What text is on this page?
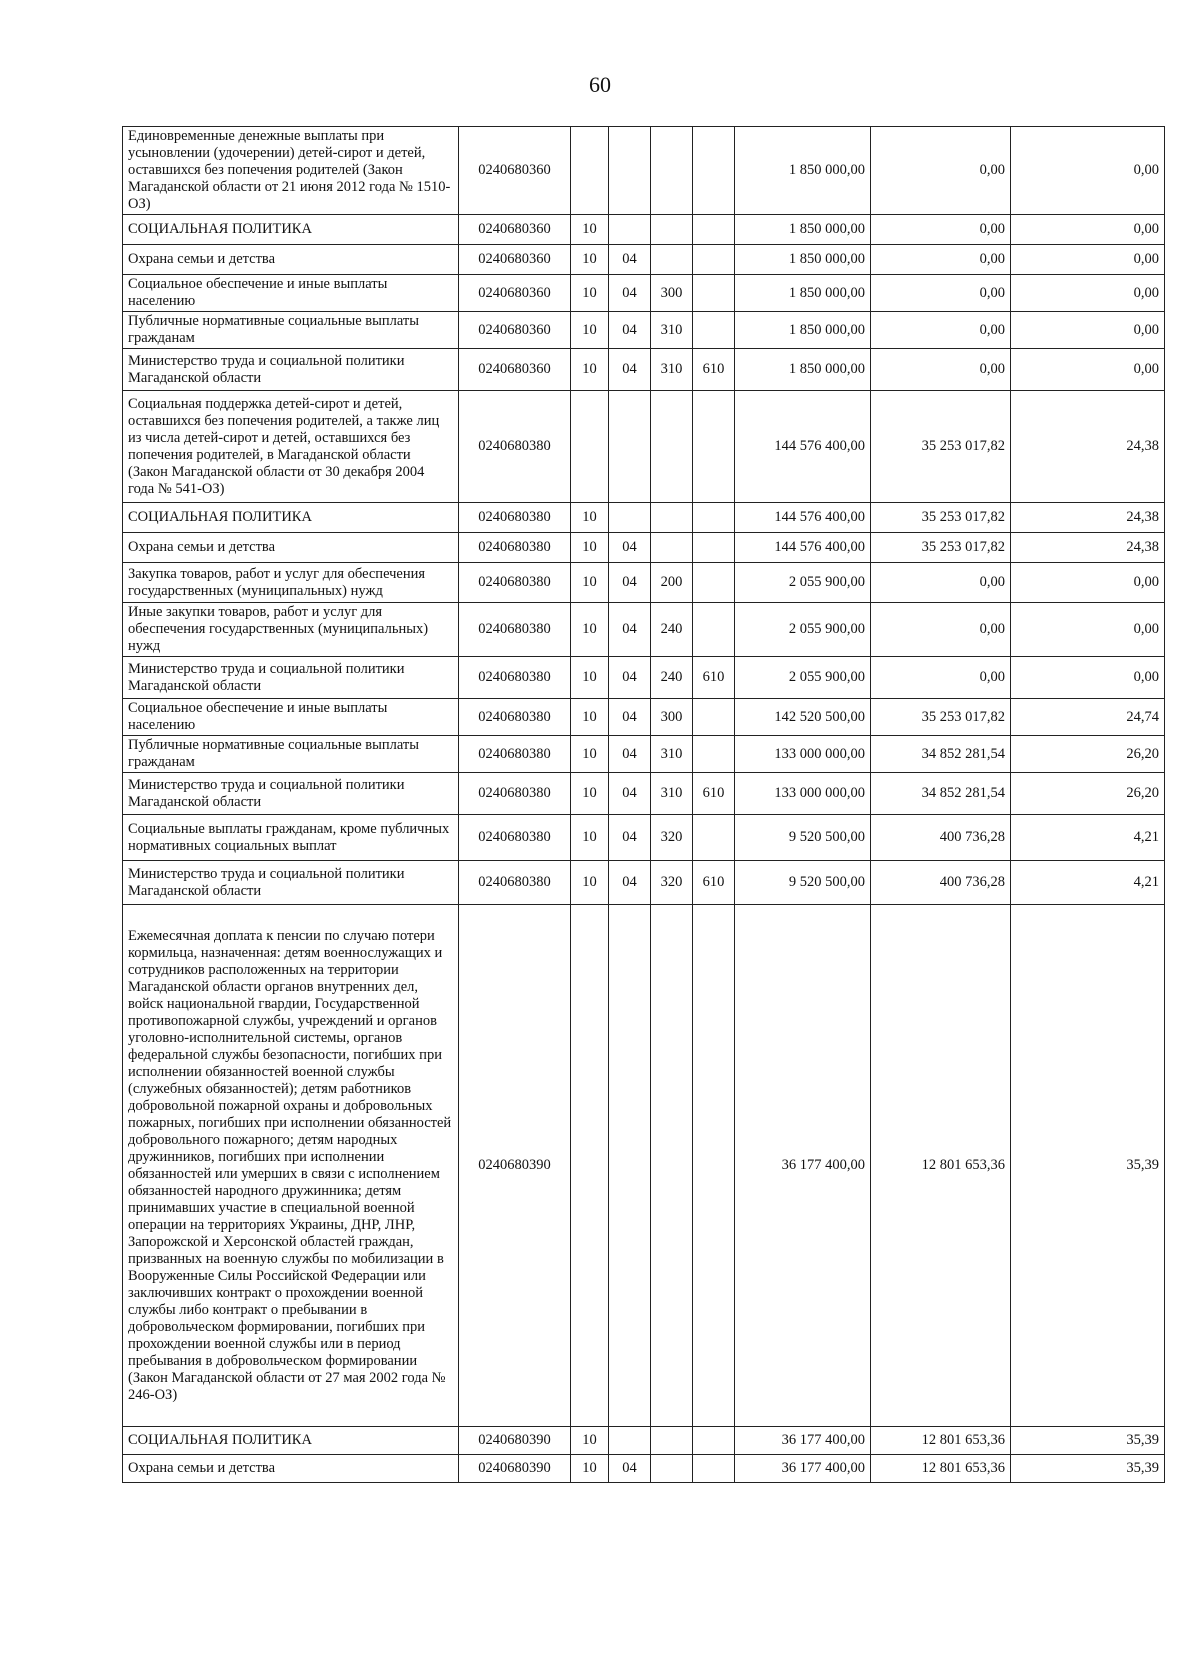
60
Единовременные денежные выплаты при усыновлении (удочерении) детей-сирот и детей, оставшихся без попечения родителей (Закон Магаданской области от 21 июня 2012 года № 1510-ОЗ)	0240680360					1 850 000,00	0,00	0,00
СОЦИАЛЬНАЯ ПОЛИТИКА	0240680360	10				1 850 000,00	0,00	0,00
Охрана семьи и детства	0240680360	10	04			1 850 000,00	0,00	0,00
Социальное обеспечение и иные выплаты населению	0240680360	10	04	300		1 850 000,00	0,00	0,00
Публичные нормативные социальные выплаты гражданам	0240680360	10	04	310		1 850 000,00	0,00	0,00
Министерство труда и социальной политики Магаданской области	0240680360	10	04	310	610	1 850 000,00	0,00	0,00
Социальная поддержка детей-сирот и детей, оставшихся без попечения родителей, а также лиц из числа детей-сирот и детей, оставшихся без попечения родителей, в Магаданской области (Закон Магаданской области от 30 декабря 2004 года № 541-ОЗ)	0240680380					144 576 400,00	35 253 017,82	24,38
СОЦИАЛЬНАЯ ПОЛИТИКА	0240680380	10				144 576 400,00	35 253 017,82	24,38
Охрана семьи и детства	0240680380	10	04			144 576 400,00	35 253 017,82	24,38
Закупка товаров, работ и услуг для обеспечения государственных (муниципальных) нужд	0240680380	10	04	200		2 055 900,00	0,00	0,00
Иные закупки товаров, работ и услуг для обеспечения государственных (муниципальных) нужд	0240680380	10	04	240		2 055 900,00	0,00	0,00
Министерство труда и социальной политики Магаданской области	0240680380	10	04	240	610	2 055 900,00	0,00	0,00
Социальное обеспечение и иные выплаты населению	0240680380	10	04	300		142 520 500,00	35 253 017,82	24,74
Публичные нормативные социальные выплаты гражданам	0240680380	10	04	310		133 000 000,00	34 852 281,54	26,20
Министерство труда и социальной политики Магаданской области	0240680380	10	04	310	610	133 000 000,00	34 852 281,54	26,20
Социальные выплаты гражданам, кроме публичных нормативных социальных выплат	0240680380	10	04	320		9 520 500,00	400 736,28	4,21
Министерство труда и социальной политики Магаданской области	0240680380	10	04	320	610	9 520 500,00	400 736,28	4,21
Ежемесячная доплата к пенсии по случаю потери кормильца, назначенная: детям военнослужащих и сотрудников расположенных на территории Магаданской области органов внутренних дел, войск национальной гвардии, Государственной противопожарной службы, учреждений и органов уголовно-исполнительной системы, органов федеральной службы безопасности, погибших при исполнении обязанностей военной службы (служебных обязанностей); детям работников добровольной пожарной охраны и добровольных пожарных, погибших при исполнении обязанностей добровольного пожарного; детям народных дружинников, погибших при исполнении обязанностей или умерших в связи с исполнением обязанностей народного дружинника; детям принимавших участие в специальной военной операции на территориях Украины, ДНР, ЛНР, Запорожской и Херсонской областей граждан, призванных на военную службы по мобилизации в Вооруженные Силы Российской Федерации или заключивших контракт о прохождении военной службы либо контракт о пребывании в добровольческом формировании, погибших при прохождении военной службы или в период пребывания в добровольческом формировании (Закон Магаданской области от 27 мая 2002 года № 246-ОЗ)	0240680390					36 177 400,00	12 801 653,36	35,39
СОЦИАЛЬНАЯ ПОЛИТИКА	0240680390	10				36 177 400,00	12 801 653,36	35,39
Охрана семьи и детства	0240680390	10	04			36 177 400,00	12 801 653,36	35,39
